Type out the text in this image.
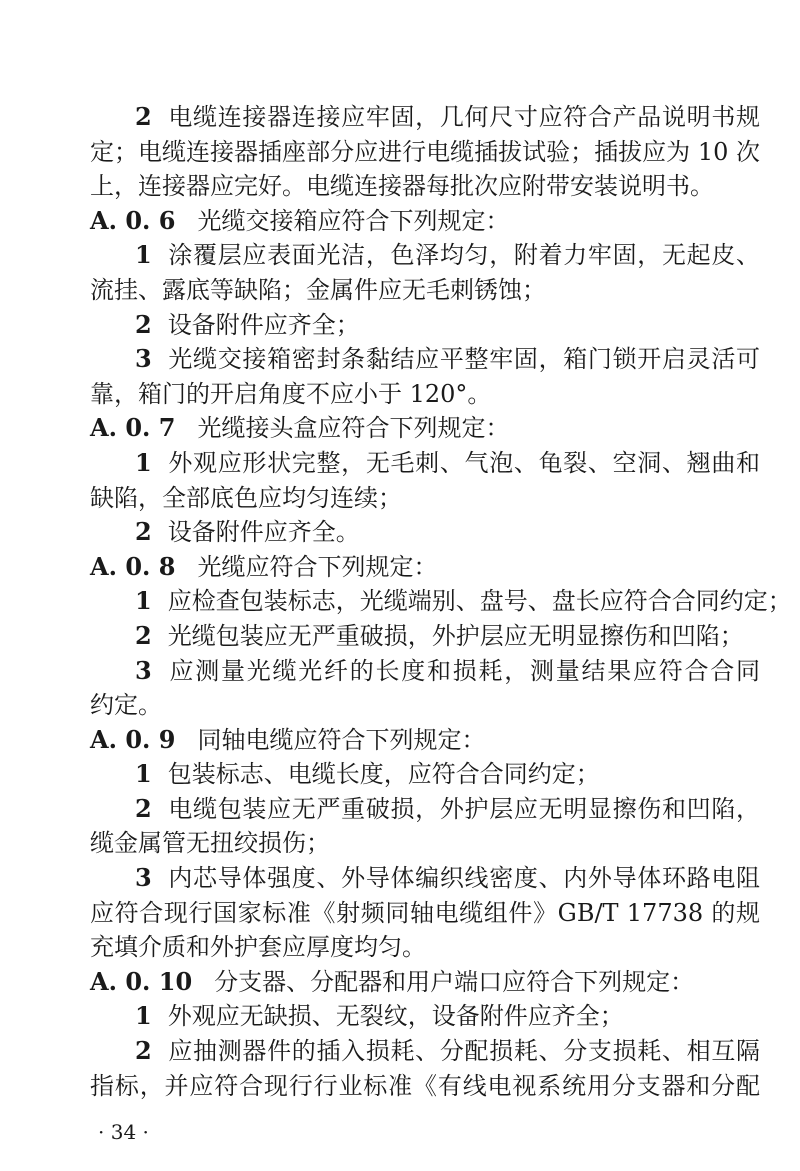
2 电缆连接器连接应牢固，几何尺寸应符合产品说明书规
定；电缆连接器插座部分应进行电缆插拔试验；插拔应为 10 次
上，连接器应完好。电缆连接器每批次应附带安装说明书。
A. 0. 6 光缆交接箱应符合下列规定：
1 涂覆层应表面光洁，色泽均匀，附着力牢固，无起皮、
流挂、露底等缺陷；金属件应无毛刺锈蚀；
2 设备附件应齐全；
3 光缆交接箱密封条黏结应平整牢固，箱门锁开启灵活可
靠，箱门的开启角度不应小于 120°。
A. 0. 7 光缆接头盒应符合下列规定：
1 外观应形状完整，无毛刺、气泡、龟裂、空洞、翘曲和
缺陷，全部底色应均匀连续；
2 设备附件应齐全。
A. 0. 8 光缆应符合下列规定：
1 应检查包装标志，光缆端别、盘号、盘长应符合合同约定；
2 光缆包装应无严重破损，外护层应无明显擦伤和凹陷；
3 应测量光缆光纤的长度和损耗，测量结果应符合合同
约定。
A. 0. 9 同轴电缆应符合下列规定：
1 包装标志、电缆长度，应符合合同约定；
2 电缆包装应无严重破损，外护层应无明显擦伤和凹陷，
缆金属管无扭绞损伤；
3 内芯导体强度、外导体编织线密度、内外导体环路电阻
应符合现行国家标准《射频同轴电缆组件》GB/T 17738 的规
充填介质和外护套应厚度均匀。
A. 0. 10 分支器、分配器和用户端口应符合下列规定：
1 外观应无缺损、无裂纹，设备附件应齐全；
2 应抽测器件的插入损耗、分配损耗、分支损耗、相互隔
指标，并应符合现行行业标准《有线电视系统用分支器和分配
· 34 ·
